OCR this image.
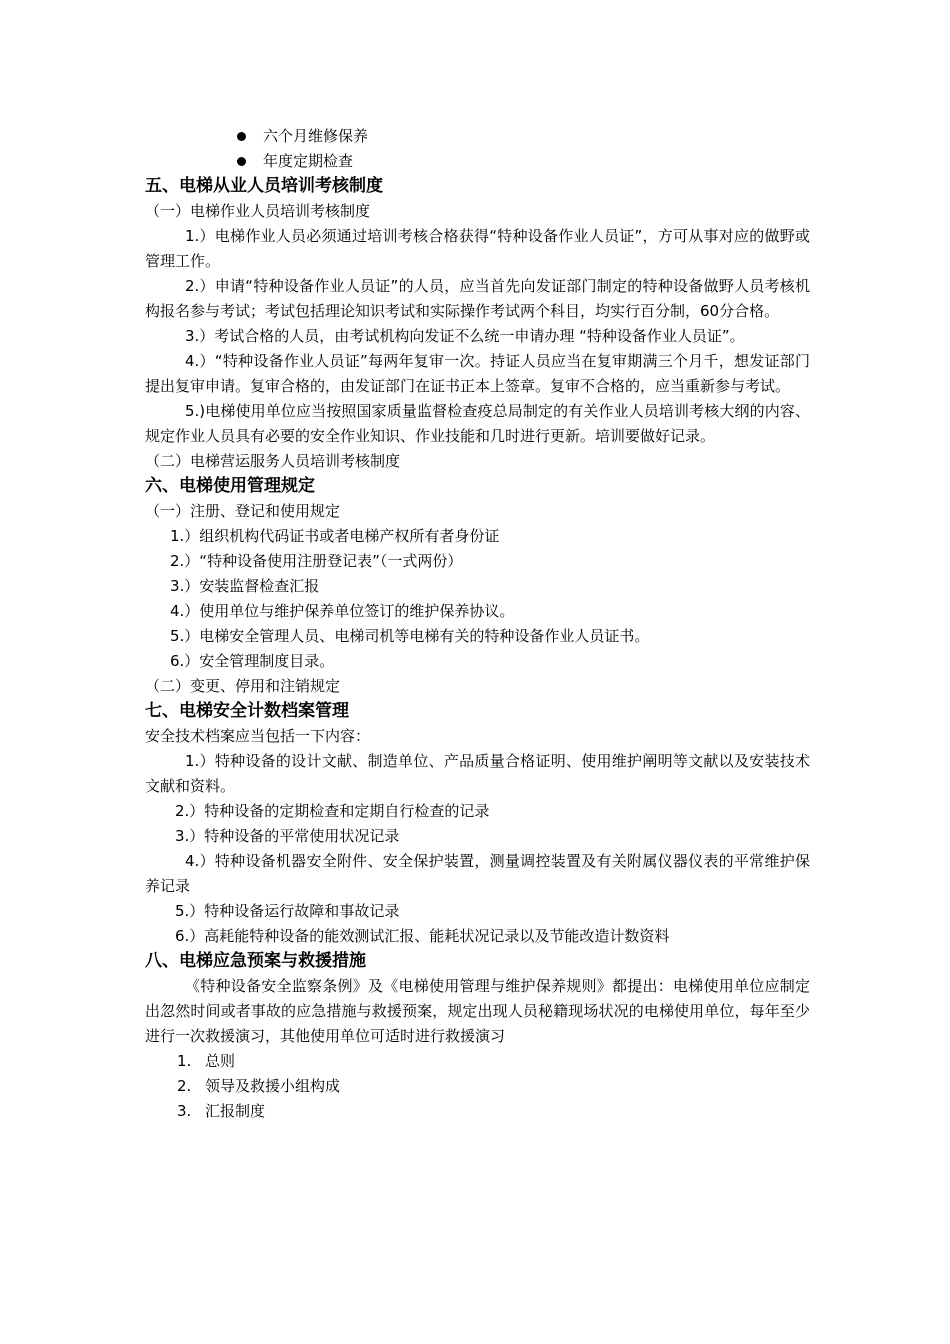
六个月维修保养
年度定期检查
五、电梯从业人员培训考核制度
（一）电梯作业人员培训考核制度
1.）电梯作业人员必须通过培训考核合格获得“特种设备作业人员证”，方可从事对应的做野或管理工作。
2.）申请“特种设备作业人员证”的人员，应当首先向发证部门制定的特种设备做野人员考核机构报名参与考试；考试包括理论知识考试和实际操作考试两个科目，均实行百分制，60分合格。
3.）考试合格的人员，由考试机构向发证不么统一申请办理 “特种设备作业人员证”。
4.）“特种设备作业人员证”每两年复审一次。持证人员应当在复审期满三个月千，想发证部门提出复审申请。复审合格的，由发证部门在证书正本上签章。复审不合格的，应当重新参与考试。
5.)电梯使用单位应当按照国家质量监督检查疫总局制定的有关作业人员培训考核大纲的内容、规定作业人员具有必要的安全作业知识、作业技能和几时进行更新。培训要做好记录。
（二）电梯营运服务人员培训考核制度
六、电梯使用管理规定
（一）注册、登记和使用规定
1.）组织机构代码证书或者电梯产权所有者身份证
2.）“特种设备使用注册登记表”（一式两份）
3.）安装监督检查汇报
4.）使用单位与维护保养单位签订的维护保养协议。
5.）电梯安全管理人员、电梯司机等电梯有关的特种设备作业人员证书。
6.）安全管理制度目录。
（二）变更、停用和注销规定
七、电梯安全计数档案管理
安全技术档案应当包括一下内容：
1.）特种设备的设计文献、制造单位、产品质量合格证明、使用维护阐明等文献以及安装技术文献和资料。
2.）特种设备的定期检查和定期自行检查的记录
3.）特种设备的平常使用状况记录
4.）特种设备机器安全附件、安全保护装置，测量调控装置及有关附属仪器仪表的平常维护保养记录
5.）特种设备运行故障和事故记录
6.）高耗能特种设备的能效测试汇报、能耗状况记录以及节能改造计数资料
八、电梯应急预案与救援措施
《特种设备安全监察条例》及《电梯使用管理与维护保养规则》都提出：电梯使用单位应制定出忽然时间或者事故的应急措施与救援预案，规定出现人员秘籍现场状况的电梯使用单位，每年至少进行一次救援演习，其他使用单位可适时进行救援演习
1. 总则
2. 领导及救援小组构成
3. 汇报制度
